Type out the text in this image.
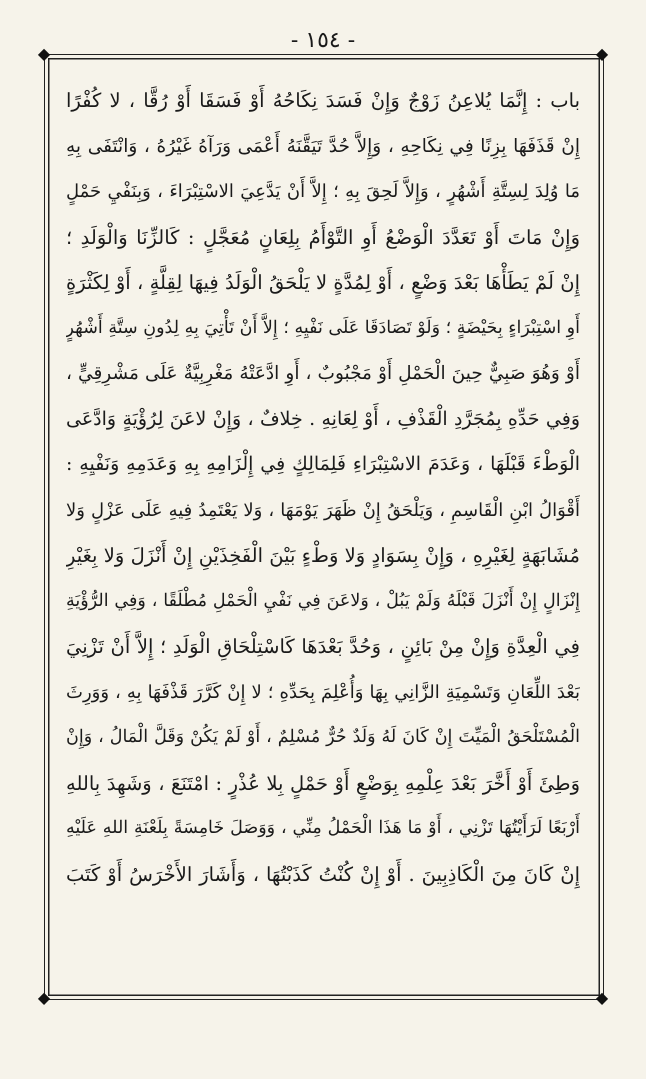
- ١٥٤ -
◆	◆
◆	◆
باب : إِنَّمَا يُلاعِنُ زَوْجٌ وَإِنْ فَسَدَ نِكَاحُهُ أَوْ فَسَقَا أَوْ رُقَّا ، لا كُفْرًا
إِنْ قَذَفَهَا بِزِنًا فِي نِكَاحِهِ ، وَإِلاَّ حُدَّ تَيَقَّنَهُ أَعْمَى وَرَآهُ غَيْرُهُ ، وَانْتَفَى بِهِ
مَا وُلِدَ لِسِتَّةِ أَشْهُرٍ ، وَإِلاَّ لَحِقَ بِهِ ؛ إِلاَّ أَنْ يَدَّعِيَ الاسْتِبْرَاءَ ، وَبِنَفْيِ حَمْلٍ
وَإِنْ مَاتَ أَوْ تَعَدَّدَ الْوَضْعُ أَوِ التَّوْأَمُ بِلِعَانٍ مُعَجَّلٍ : كَالزِّنَا وَالْوَلَدِ ؛
إِنْ لَمْ يَطَأْهَا بَعْدَ وَضْعٍ ، أَوْ لِمُدَّةٍ لا يَلْحَقُ الْوَلَدُ فِيهَا لِقِلَّةٍ ، أَوْ لِكَثْرَةٍ
أَوِ اسْتِبْرَاءٍ بِحَيْضَةٍ ؛ وَلَوْ تَصَادَقَا عَلَى نَفْيِهِ ؛ إِلاَّ أَنْ تَأْتِيَ بِهِ لِدُونِ سِتَّةِ أَشْهُرٍ
أَوْ وَهُوَ صَبِيٌّ حِينَ الْحَمْلِ أَوْ مَجْبُوبٌ ، أَوِ ادَّعَتْهُ مَغْرِبِيَّةٌ عَلَى مَشْرِقِيٍّ ،
وَفِي حَدِّهِ بِمُجَرَّدِ الْقَذْفِ ، أَوْ لِعَانِهِ . خِلافٌ ، وَإِنْ لاعَنَ لِرُؤْيَةٍ وَادَّعَى
الْوَطْءَ قَبْلَهَا ، وَعَدَمَ الاسْتِبْرَاءِ فَلِمَالِكٍ فِي إِلْزَامِهِ بِهِ وَعَدَمِهِ وَنَفْيِهِ :
أَقْوَالُ ابْنِ الْقَاسِمِ ، وَيَلْحَقُ إِنْ ظَهَرَ يَوْمَهَا ، وَلا يَعْتَمِدُ فِيهِ عَلَى عَزْلٍ وَلا
مُشَابَهَةٍ لِغَيْرِهِ ، وَإِنْ بِسَوَادٍ وَلا وَطْءٍ بَيْنَ الْفَخِذَيْنِ إِنْ أَنْزَلَ وَلا بِغَيْرِ
إِنْزَالٍ إِنْ أَنْزَلَ قَبْلَهُ وَلَمْ يَبُلْ ، وَلاعَنَ فِي نَفْيِ الْحَمْلِ مُطْلَقًا ، وَفِي الرُّؤْيَةِ
فِي الْعِدَّةِ وَإِنْ مِنْ بَائِنٍ ، وَحُدَّ بَعْدَهَا كَاسْتِلْحَاقِ الْوَلَدِ ؛ إِلاَّ أَنْ تَزْنِيَ
بَعْدَ اللِّعَانِ وَتَسْمِيَةِ الزَّانِي بِهَا وَأُعْلِمَ بِحَدِّهِ ؛ لا إِنْ كَرَّرَ قَذْفَهَا بِهِ ، وَوَرِثَ
الْمُسْتَلْحَقُ الْمَيِّتَ إِنْ كَانَ لَهُ وَلَدٌ حُرٌّ مُسْلِمٌ ، أَوْ لَمْ يَكُنْ وَقَلَّ الْمَالُ ، وَإِنْ
وَطِئَ أَوْ أَخَّرَ بَعْدَ عِلْمِهِ بِوَضْعٍ أَوْ حَمْلٍ بِلا عُذْرٍ : امْتَنَعَ ، وَشَهِدَ بِاللهِ
أَرْبَعًا لَرَأَيْتُهَا تَزْنِي ، أَوْ مَا هَذَا الْحَمْلُ مِنِّي ، وَوَصَلَ خَامِسَةً بِلَعْنَةِ اللهِ عَلَيْهِ
إِنْ كَانَ مِنَ الْكَاذِبِينَ . أَوْ إِنْ كُنْتُ كَذَبْتُهَا ، وَأَشَارَ الأَخْرَسُ أَوْ كَتَبَ
